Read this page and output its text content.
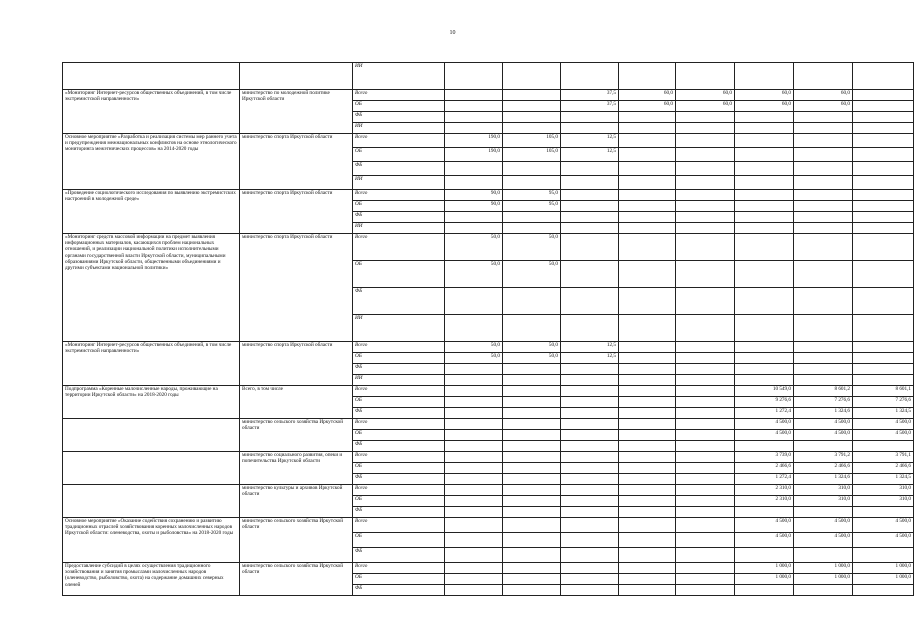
10
		ИИ								
«Мониторинг Интернет-ресурсов общественных объединений, в том числе экстремистской направленности»	министерство по молодежной политике Иркутской области	Всего			37,5	60,0	60,0	60,0	60,0	
		ОБ			37,5	60,0	60,0	60,0	60,0	
		ФБ								
		ИИ								
Основное мероприятие «Разработка и реализация системы мер раннего учета и предупреждения межнациональных конфликтов на основе этнологического мониторинга межэтнических процессов» на 2014-2020 годы	министерство спорта Иркутской области	Всего	190,0	105,0	12,5					
		ОБ	190,0	105,0	12,5					
		ФБ								
		ИИ								
«Проведение социологического исследования по выявлению экстремистских настроений в молодежной среде»	министерство спорта Иркутской области	Всего	90,0	95,0						
		ОБ	90,0	95,0						
		ФБ								
		ИИ								
«Мониторинг средств массовой информации на предмет выявления информационных материалов, касающихся проблем национальных отношений, и реализации национальной политики исполнительными органами государственной власти Иркутской области, муниципальными образованиями Иркутской области, общественными объединениями и другими субъектами национальной политики»	министерство спорта Иркутской области	Всего	50,0	50,0						
		ОБ	50,0	50,0						
		ФБ								
		ИИ								
«Мониторинг Интернет-ресурсов общественных объединений, в том числе экстремистской направленности»	министерство спорта Иркутской области	Всего	50,0	50,0	12,5					
		ОБ	50,0	50,0	12,5					
		ФБ								
		ИИ								
Подпрограмма «Коренные малочисленные народы, проживающие на территории Иркутской области» на 2018-2020 годы	Всего, в том числе	Всего						10 549,0	8 601,2	8 601,1
		ОБ						9 276,6	7 276,6	7 276,6
		ФБ						1 272,4	1 324,6	1 324,5
	министерство сельского хозяйства Иркутской области	Всего						4 500,0	4 500,0	4 500,0
		ОБ						4 500,0	4 500,0	4 500,0
		ФБ								
	министерство социального развития, опеки и попечительства Иркутской области	Всего						3 739,0	3 791,2	3 791,1
		ОБ						2 466,6	2 466,6	2 466,6
		ФБ						1 272,4	1 324,6	1 324,5
	министерство культуры и архивов Иркутской области	Всего						2 310,0	310,0	310,0
		ОБ						2 310,0	310,0	310,0
		ФБ								
Основное мероприятие «Оказание содействия сохранению и развитию традиционных отраслей хозяйствования коренных малочисленных народов Иркутской области: оленеводства, охоты и рыболовства» на 2018-2020 годы	министерство сельского хозяйства Иркутской области	Всего						4 500,0	4 500,0	4 500,0
		ОБ						4 500,0	4 500,0	4 500,0
		ФБ								
Предоставление субсидий в целях осуществления традиционного хозяйствования и занятия промыслами малочисленных народов (оленеводство, рыболовство, охота) на содержание домашних северных оленей	министерство сельского хозяйства Иркутской области	Всего						1 000,0	1 000,0	1 000,0
		ОБ						1 000,0	1 000,0	1 000,0
		ФБ								
